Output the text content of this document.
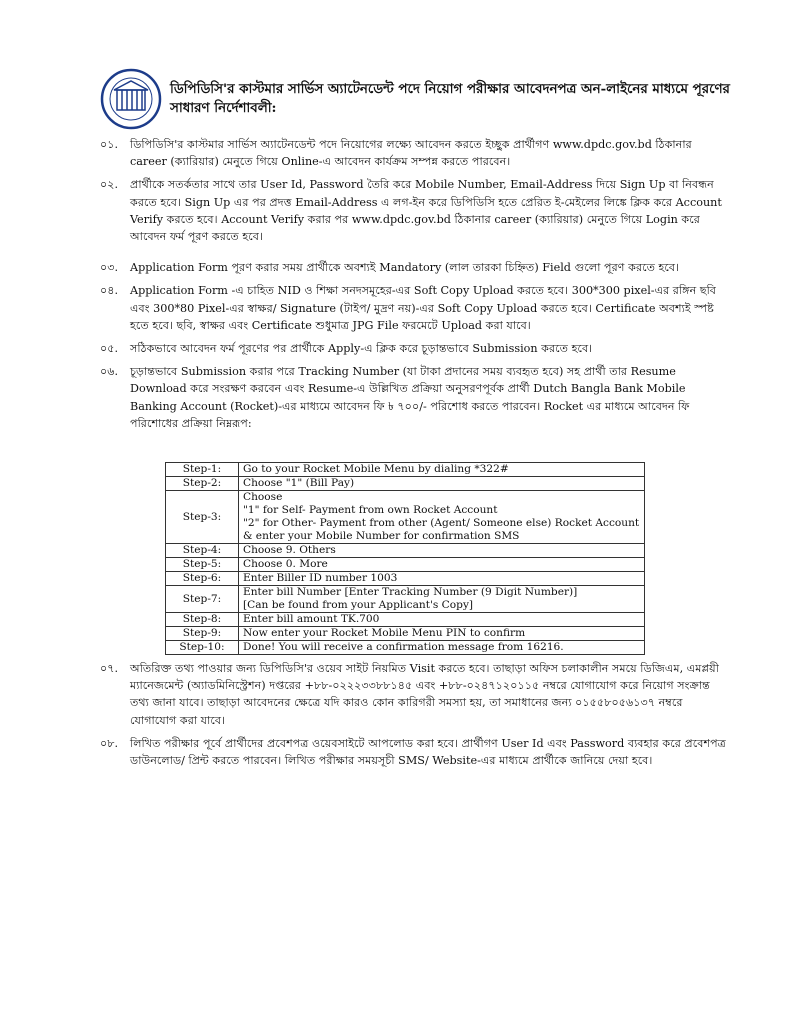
ডিপিডিসি'র কাস্টমার সার্ভিস অ্যাটেনডেন্ট পদে নিয়োগ পরীক্ষার আবেদনপত্র অন-লাইনের মাধ্যমে পূরণের সাধারণ নির্দেশাবলী:
০১. ডিপিডিসি'র কাস্টমার সার্ভিস অ্যাটেনডেন্ট পদে নিয়োগের লক্ষ্যে আবেদন করতে ইচ্ছুক প্রার্থীগণ www.dpdc.gov.bd ঠিকানার career (ক্যারিয়ার) মেনুতে গিয়ে Online-এ আবেদন কার্যক্রম সম্পন্ন করতে পারবেন।
০২. প্রার্থীকে সতর্কতার সাথে তার User Id, Password তৈরি করে Mobile Number, Email-Address দিয়ে Sign Up বা নিবন্ধন করতে হবে। Sign Up এর পর প্রদত্ত Email-Address এ লগ-ইন করে ডিপিডিসি হতে প্রেরিত ই-মেইলের লিঙ্কে ক্লিক করে Account Verify করতে হবে। Account Verify করার পর www.dpdc.gov.bd ঠিকানার career (ক্যারিয়ার) মেনুতে গিয়ে Login করে আবেদন ফর্ম পূরণ করতে হবে।
০৩. Application Form পূরণ করার সময় প্রার্থীকে অবশ্যই Mandatory (লাল তারকা চিহ্নিত) Field গুলো পূরণ করতে হবে।
০৪. Application Form -এ চাহিত NID ও শিক্ষা সনদসমূহের-এর Soft Copy Upload করতে হবে। 300*300 pixel-এর রঙ্গিন ছবি এবং 300*80 Pixel-এর স্বাক্ষর/ Signature (টাইপ/ মুদ্রণ নয়)-এর Soft Copy Upload করতে হবে। Certificate অবশ্যই স্পষ্ট হতে হবে। ছবি, স্বাক্ষর এবং Certificate শুধুমাত্র JPG File ফরমেটে Upload করা যাবে।
০৫. সঠিকভাবে আবেদন ফর্ম পূরণের পর প্রার্থীকে Apply-এ ক্লিক করে চূড়ান্তভাবে Submission করতে হবে।
০৬. চূড়ান্তভাবে Submission করার পরে Tracking Number (যা টাকা প্রদানের সময় ব্যবহৃত হবে) সহ প্রার্থী তার Resume Download করে সংরক্ষণ করবেন এবং Resume-এ উল্লিখিত প্রক্রিয়া অনুসরণপূর্বক প্রার্থী Dutch Bangla Bank Mobile Banking Account (Rocket)-এর মাধ্যমে আবেদন ফি ৳ ৭০০/- পরিশোধ করতে পারবেন। Rocket এর মাধ্যমে আবেদন ফি পরিশোধের প্রক্রিয়া নিম্নরূপ:
Step-1:	Go to your Rocket Mobile Menu by dialing *322#

Step-2:	Choose "1" (Bill Pay)

Step-3:	Choose
"1" for Self- Payment from own Rocket Account
"2" for Other- Payment from other (Agent/ Someone else) Rocket Account
& enter your Mobile Number for confirmation SMS

Step-4:	Choose 9. Others

Step-5:	Choose 0. More

Step-6:	Enter Biller ID number 1003

Step-7:	Enter bill Number [Enter Tracking Number (9 Digit Number)]
[Can be found from your Applicant's Copy]

Step-8:	Enter bill amount TK.700

Step-9:	Now enter your Rocket Mobile Menu PIN to confirm

Step-10:	Done! You will receive a confirmation message from 16216.
০৭. অতিরিক্ত তথ্য পাওয়ার জন্য ডিপিডিসি'র ওয়েব সাইট নিয়মিত Visit করতে হবে। তাছাড়া অফিস চলাকালীন সময়ে ডিজিএম, এমপ্লয়ী ম্যানেজমেন্ট (অ্যাডমিনিস্ট্রেশন) দপ্তরের +৮৮-০২২২৩৩৮৮১৪৫ এবং +৮৮-০২৪৭১২০১১৫ নম্বরে যোগাযোগ করে নিয়োগ সংক্রান্ত তথ্য জানা যাবে। তাছাড়া আবেদনের ক্ষেত্রে যদি কারও কোন কারিগরী সমস্যা হয়, তা সমাধানের জন্য ০১৫৫৮০৫৬১৩৭ নম্বরে যোগাযোগ করা যাবে।
০৮. লিখিত পরীক্ষার পূর্বে প্রার্থীদের প্রবেশপত্র ওয়েবসাইটে আপলোড করা হবে। প্রার্থীগণ User Id এবং Password ব্যবহার করে প্রবেশপত্র ডাউনলোড/ প্রিন্ট করতে পারবেন। লিখিত পরীক্ষার সময়সূচী SMS/ Website-এর মাধ্যমে প্রার্থীকে জানিয়ে দেয়া হবে।
